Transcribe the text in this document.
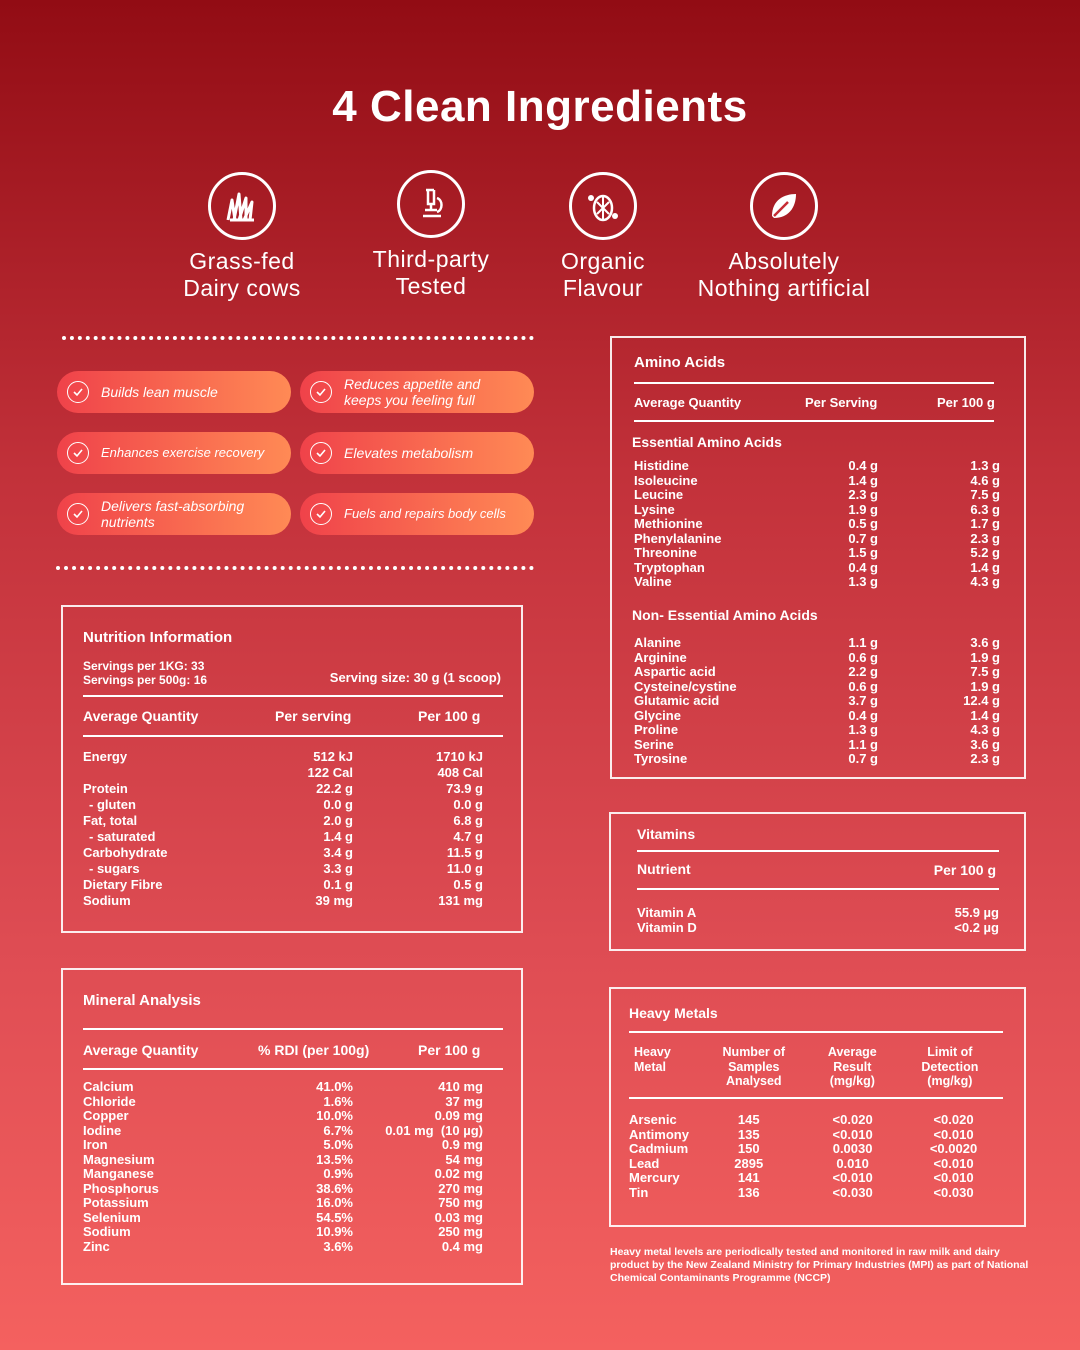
4 Clean Ingredients
Grass-fed
Dairy cows
Third-party
Tested
Organic
Flavour
Absolutely
Nothing artificial
Builds lean muscle	Reduces appetite and keeps you feeling full
Enhances exercise recovery	Elevates metabolism
Delivers fast-absorbing nutrients
Fuels and repairs body cells
Nutrition Information
Servings per 1KG: 33
Servings per 500g: 16	Serving size: 30 g (1 scoop)
Average Quantity	Per serving	Per 100 g
Energy	512 kJ	1710 kJ
122 Cal	408 Cal
Protein	22.2 g	73.9 g
- gluten	0.0 g	0.0 g
Fat, total	2.0 g	6.8 g
- saturated	1.4 g	4.7 g
Carbohydrate	3.4 g	11.5 g
- sugars	3.3 g	11.0 g
Dietary Fibre	0.1 g	0.5 g
Sodium	39 mg	131 mg
Mineral Analysis
Average Quantity	% RDI (per 100g)	Per 100 g
Calcium	41.0%	410 mg
Chloride	1.6%	37 mg
Copper	10.0%	0.09 mg
Iodine	6.7%	0.01 mg  (10 µg)
Iron	5.0%	0.9 mg
Magnesium	13.5%	54 mg
Manganese	0.9%	0.02 mg
Phosphorus	38.6%	270 mg
Potassium	16.0%	750 mg
Selenium	54.5%	0.03 mg
Sodium	10.9%	250 mg
Zinc	3.6%	0.4 mg
Amino Acids
Average Quantity	Per Serving	Per 100 g
Essential Amino Acids
Histidine	0.4 g	1.3 g
Isoleucine	1.4 g	4.6 g
Leucine	2.3 g	7.5 g
Lysine	1.9 g	6.3 g
Methionine	0.5 g	1.7 g
Phenylalanine	0.7 g	2.3 g
Threonine	1.5 g	5.2 g
Tryptophan	0.4 g	1.4 g
Valine	1.3 g	4.3 g
Non- Essential Amino Acids
Alanine	1.1 g	3.6 g
Arginine	0.6 g	1.9 g
Aspartic acid	2.2 g	7.5 g
Cysteine/cystine	0.6 g	1.9 g
Glutamic acid	3.7 g	12.4 g
Glycine	0.4 g	1.4 g
Proline	1.3 g	4.3 g
Serine	1.1 g	3.6 g
Tyrosine	0.7 g	2.3 g
Vitamins
Nutrient	Per 100 g
Vitamin A	55.9 µg
Vitamin D	<0.2 µg
Heavy Metals
Heavy
Metal
Number of
Samples
Analysed
Average
Result
(mg/kg)
Limit of
Detection
(mg/kg)
Arsenic	145	<0.020	<0.020
Antimony	135	<0.010	<0.010
Cadmium	150	0.0030	<0.0020
Lead	2895	0.010	<0.010
Mercury	141	<0.010	<0.010
Tin	136	<0.030	<0.030
Heavy metal levels are periodically tested and monitored in raw milk and dairy product by the New Zealand Ministry for Primary Industries (MPI) as part of National Chemical Contaminants Programme (NCCP)
